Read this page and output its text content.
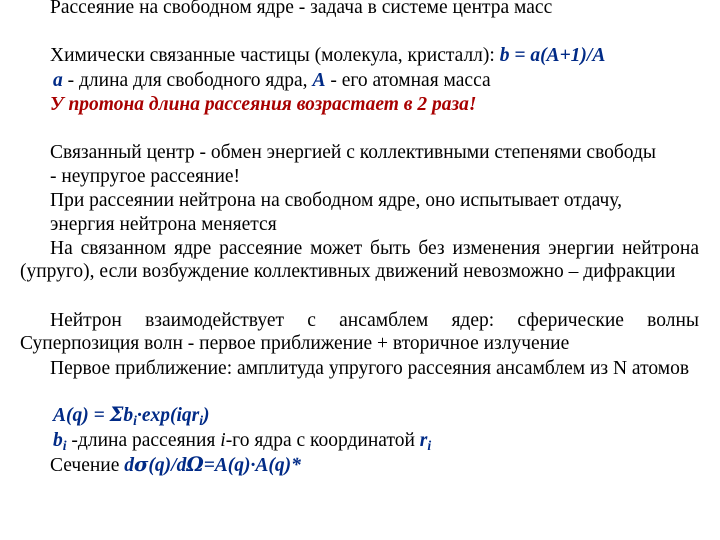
Рассеяние на свободном ядре - задача в системе центра масс
Химически связанные частицы (молекула, кристалл): b = a(A+1)/A
a - длина для свободного ядра, A - его атомная масса
У протона длина рассеяния возрастает в 2 раза!
Связанный центр - обмен энергией с коллективными степенями свободы
- неупругое рассеяние!
При рассеянии нейтрона на свободном ядре, оно испытывает отдачу,
энергия нейтрона меняется
На связанном ядре рассеяние может быть без изменения энергии нейтрона (упруго), если возбуждение коллективных движений невозможно – дифракции
Нейтрон взаимодействует с ансамблем ядер: сферические волны Суперпозиция волн - первое приближение + вторичное излучение
Первое приближение: амплитуда упругого рассеяния ансамблем из N атомов
$A(q) = \Sigma b_i\cdot\exp(iqr_i)$
$b_i$ -длина рассеяния i-го ядра с координатой $r_i$
Сечение dσ(q)/dΩ=A(q)·A(q)*
